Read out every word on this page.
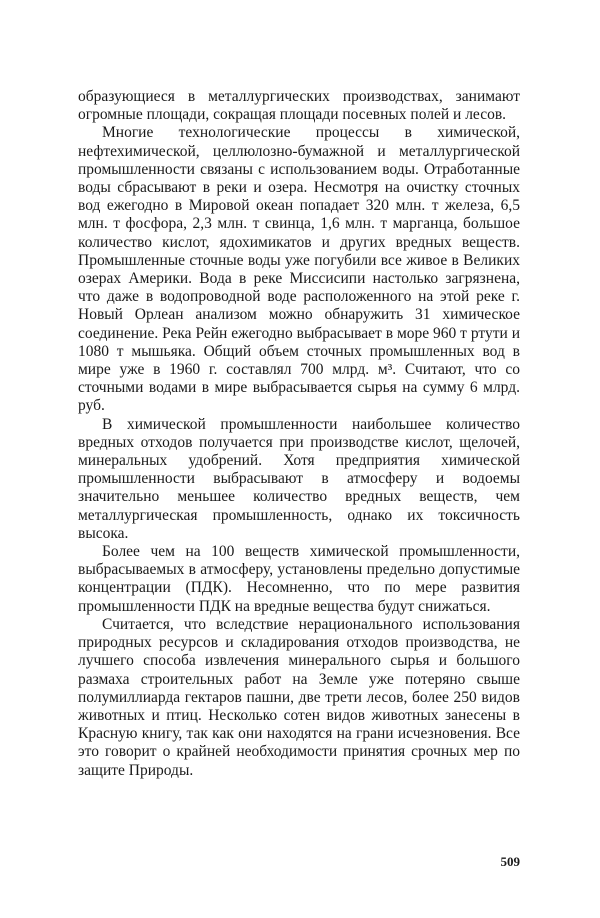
образующиеся в металлургических производствах, занимают огромные площади, сокращая площади посевных полей и лесов.

Многие технологические процессы в химической, нефтехимической, целлюлозно-бумажной и металлургической промышленности связаны с использованием воды. Отработанные воды сбрасывают в реки и озера. Несмотря на очистку сточных вод ежегодно в Мировой океан попадает 320 млн. т железа, 6,5 млн. т фосфора, 2,3 млн. т свинца, 1,6 млн. т марганца, большое количество кислот, ядохимикатов и других вредных веществ. Промышленные сточные воды уже погубили все живое в Великих озерах Америки. Вода в реке Миссисипи настолько загрязнена, что даже в водопроводной воде расположенного на этой реке г. Новый Орлеан анализом можно обнаружить 31 химическое соединение. Река Рейн ежегодно выбрасывает в море 960 т ртути и 1080 т мышьяка. Общий объем сточных промышленных вод в мире уже в 1960 г. составлял 700 млрд. м³. Считают, что со сточными водами в мире выбрасывается сырья на сумму 6 млрд. руб.

В химической промышленности наибольшее количество вредных отходов получается при производстве кислот, щелочей, минеральных удобрений. Хотя предприятия химической промышленности выбрасывают в атмосферу и водоемы значительно меньшее количество вредных веществ, чем металлургическая промышленность, однако их токсичность высока.

Более чем на 100 веществ химической промышленности, выбрасываемых в атмосферу, установлены предельно допустимые концентрации (ПДК). Несомненно, что по мере развития промышленности ПДК на вредные вещества будут снижаться.

Считается, что вследствие нерационального использования природных ресурсов и складирования отходов производства, не лучшего способа извлечения минерального сырья и большого размаха строительных работ на Земле уже потеряно свыше полумиллиарда гектаров пашни, две трети лесов, более 250 видов животных и птиц. Несколько сотен видов животных занесены в Красную книгу, так как они находятся на грани исчезновения. Все это говорит о крайней необходимости принятия срочных мер по защите Природы.

509
